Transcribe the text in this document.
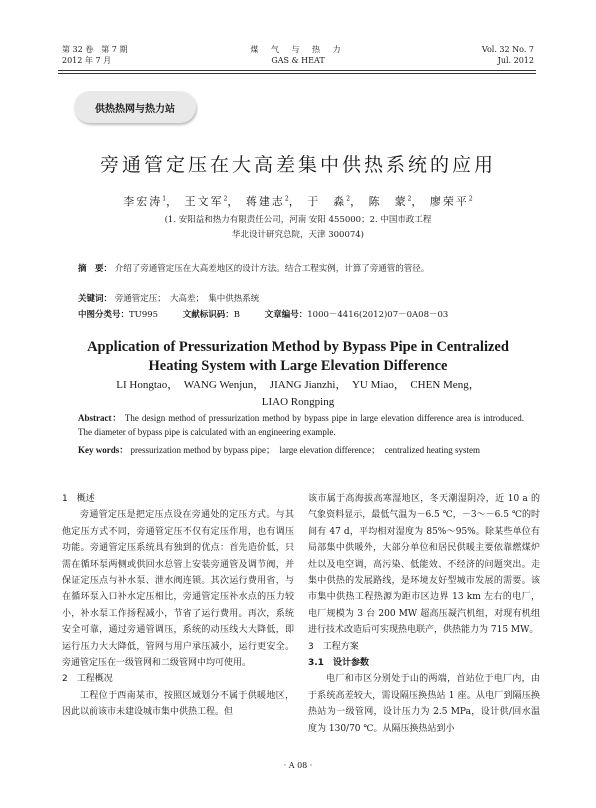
第 32 卷　第 7 期
2012 年 7 月
煤 气 与 热 力
GAS & HEAT
Vol. 32 No. 7
Jul. 2012
供热热网与热力站
旁通管定压在大高差集中供热系统的应用
李宏涛$^1$， 王文军$^2$， 蒋建志$^2$， 于　淼$^2$， 陈　蒙$^2$， 廖荣平$^2$
(1. 安阳益和热力有限责任公司，河南 安阳 455000；2. 中国市政工程
华北设计研究总院，天津 300074)
摘　要： 介绍了旁通管定压在大高差地区的设计方法。结合工程实例，计算了旁通管的管径。
关键词： 旁通管定压；　大高差；　集中供热系统
中图分类号：TU995	文献标识码：B	文章编号：1000－4416(2012)07－0A08－03
Application of Pressurization Method by Bypass Pipe in Centralized
Heating System with Large Elevation Difference
LI Hongtao，　WANG Wenjun，　JIANG Jianzhi，　YU Miao，　CHEN Meng，
LIAO Rongping
Abstract： The design method of pressurization method by bypass pipe in large elevation difference area is introduced. The diameter of bypass pipe is calculated with an engineering example.
Key words： pressurization method by bypass pipe；　large elevation difference；　centralized heating system

1　概述

旁通管定压是把定压点设在旁通处的定压方式。与其他定压方式不同，旁通管定压不仅有定压作用，也有调压功能。旁通管定压系统具有独到的优点：首先造价低，只需在循环泵两侧或供回水总管上安装旁通管及调节阀，并保证定压点与补水泵、泄水阀连锁。其次运行费用省，与在循环泵入口补水定压相比，旁通管定压补水点的压力较小，补水泵工作扬程减小，节省了运行费用。再次，系统安全可靠，通过旁通管调压，系统的动压线大大降低，即运行压力大大降低，管网与用户承压减小，运行更安全。旁通管定压在一级管网和二级管网中均可使用。

2　工程概况

工程位于西南某市，按照区域划分不属于供暖地区，因此以前该市未建设城市集中供热工程。但

该市属于高海拔高寒湿地区，冬天潮湿阴冷，近 10 a 的气象资料显示，最低气温为－6.5 ℃，－3～－6.5 ℃的时间有 47 d，平均相对湿度为 85%～95%。除某些单位有局部集中供暖外，大部分单位和居民供暖主要依靠燃煤炉灶以及电空调，高污染、低能效、不经济的问题突出。走集中供热的发展路线，是环境友好型城市发展的需要。该市集中供热工程热源为距市区边界 13 km 左右的电厂，电厂规模为 3 台 200 MW 超高压凝汽机组，对现有机组进行技术改造后可实现热电联产，供热能力为 715 MW。

3　工程方案

3.1　设计参数

电厂和市区分别处于山的两端，首站位于电厂内，由于系统高差较大，需设隔压换热站 1 座。从电厂到隔压换热站为一级管网，设计压力为 2.5 MPa，设计供/回水温度为 130/70 ℃。从隔压换热站到小

· A 08 ·
